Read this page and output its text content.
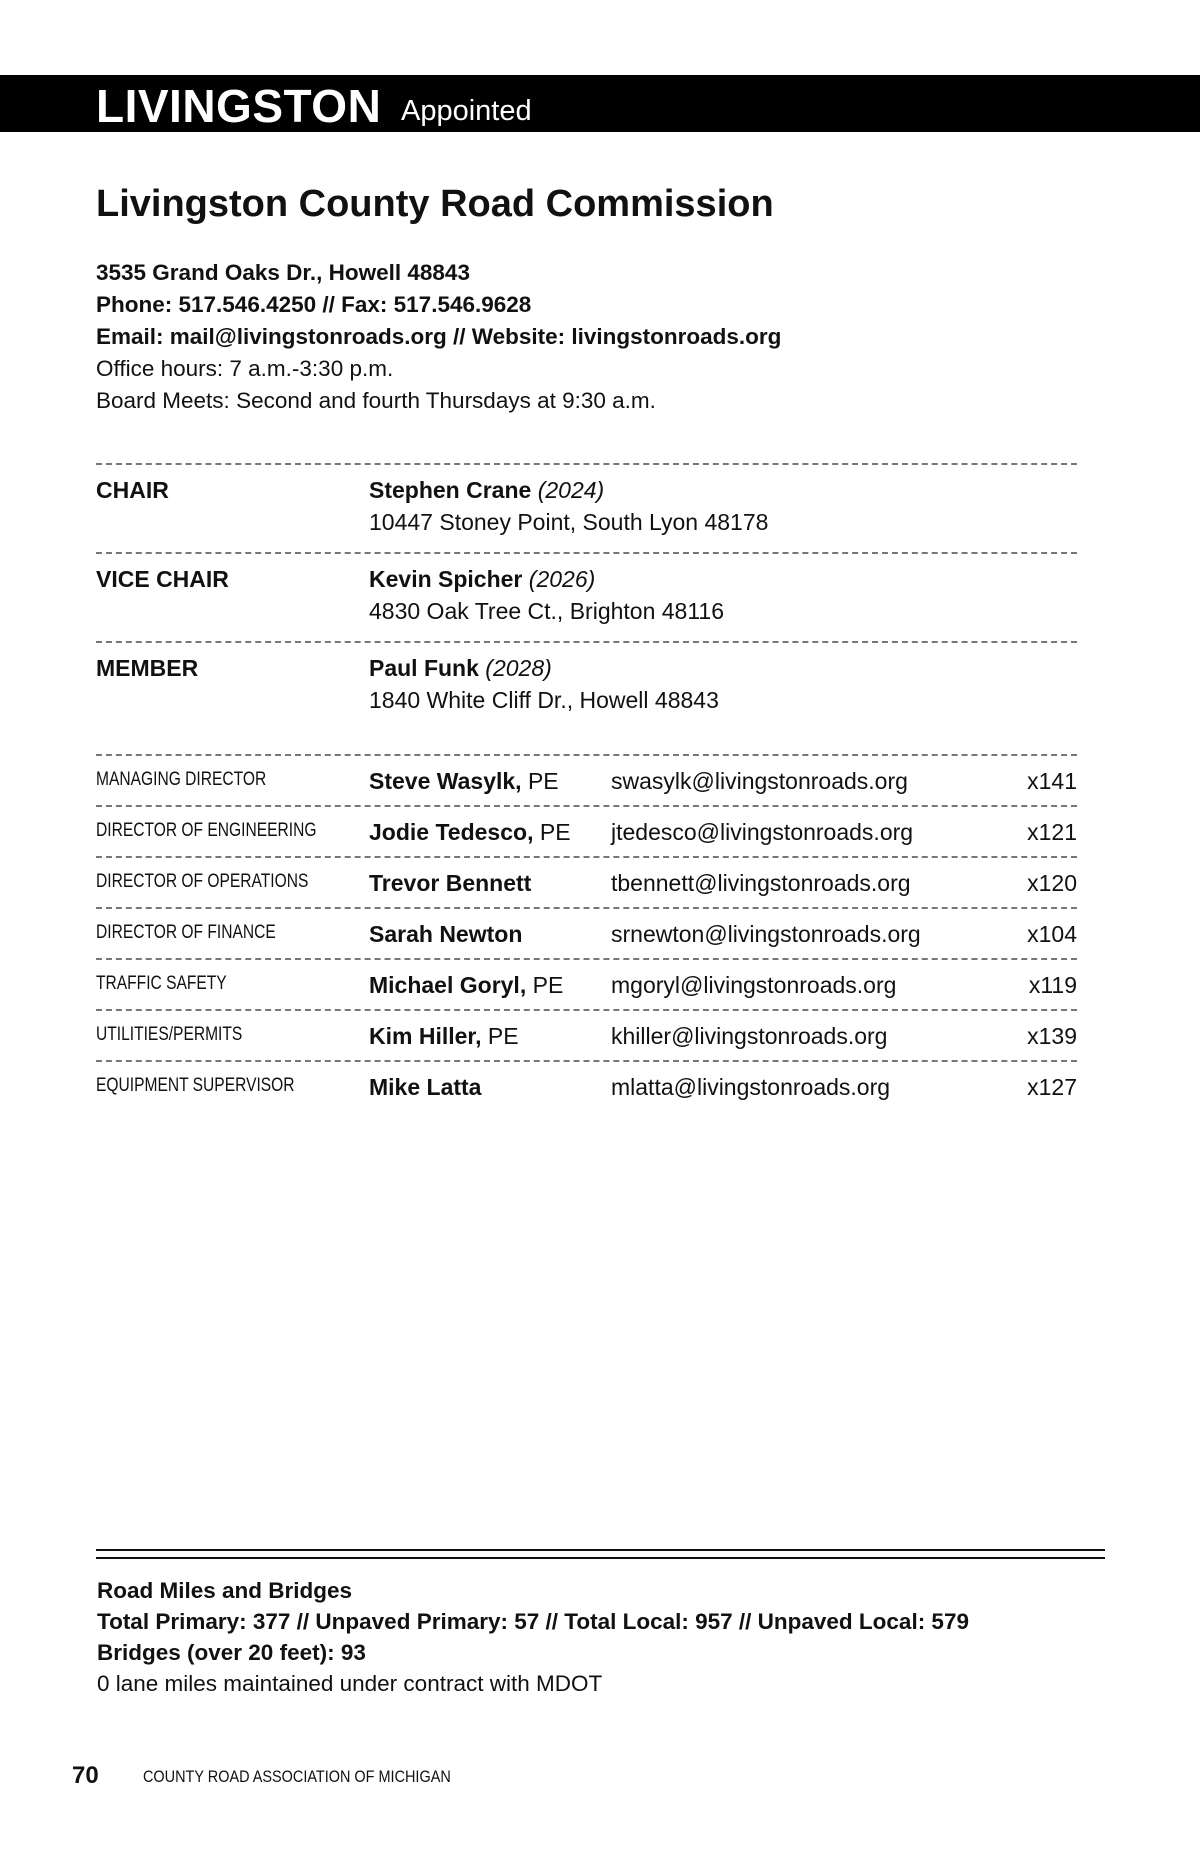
LIVINGSTON Appointed
Livingston County Road Commission
3535 Grand Oaks Dr., Howell 48843
Phone: 517.546.4250 // Fax: 517.546.9628
Email: mail@livingstonroads.org // Website: livingstonroads.org
Office hours: 7 a.m.-3:30 p.m.
Board Meets: Second and fourth Thursdays at 9:30 a.m.
CHAIR	Stephen Crane (2024)
10447 Stoney Point, South Lyon 48178
VICE CHAIR	Kevin Spicher (2026)
4830 Oak Tree Ct., Brighton 48116
MEMBER	Paul Funk (2028)
1840 White Cliff Dr., Howell 48843
MANAGING DIRECTOR	Steve Wasylk, PE swasylk@livingstonroads.org	x141
DIRECTOR OF ENGINEERING Jodie Tedesco, PE jtedesco@livingstonroads.org	x121
DIRECTOR OF OPERATIONS	Trevor Bennett	tbennett@livingstonroads.org	x120
DIRECTOR OF FINANCE	Sarah Newton	srnewton@livingstonroads.org	x104
TRAFFIC SAFETY	Michael Goryl, PE mgoryl@livingstonroads.org	x119
UTILITIES/PERMITS	Kim Hiller, PE	khiller@livingstonroads.org	x139
EQUIPMENT SUPERVISOR	Mike Latta	mlatta@livingstonroads.org	x127
Road Miles and Bridges
Total Primary: 377 // Unpaved Primary: 57 // Total Local: 957 // Unpaved Local: 579
Bridges (over 20 feet): 93
0 lane miles maintained under contract with MDOT
70	COUNTY ROAD ASSOCIATION OF MICHIGAN
